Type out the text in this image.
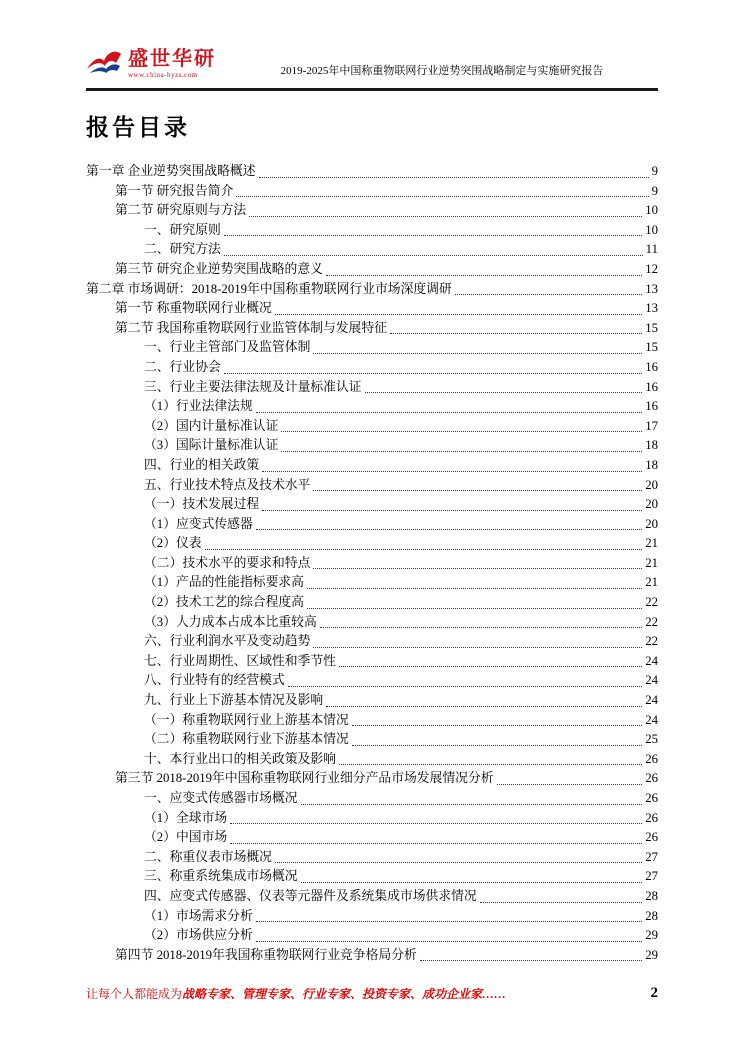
盛世华研
www.china-hyzs.com	2019-2025年中国称重物联网行业逆势突围战略制定与实施研究报告
报告目录
第一章 企业逆势突围战略概述	9
第一节 研究报告简介	9
第二节 研究原则与方法	10
一、研究原则	10
二、研究方法	11
第三节 研究企业逆势突围战略的意义	12
第二章 市场调研：2018-2019年中国称重物联网行业市场深度调研	13
第一节 称重物联网行业概况	13
第二节 我国称重物联网行业监管体制与发展特征	15
一、行业主管部门及监管体制	15
二、行业协会	16
三、行业主要法律法规及计量标准认证	16
（1）行业法律法规	16
（2）国内计量标准认证	17
（3）国际计量标准认证	18
四、行业的相关政策	18
五、行业技术特点及技术水平	20
（一）技术发展过程	20
（1）应变式传感器	20
（2）仪表	21
（二）技术水平的要求和特点	21
（1）产品的性能指标要求高	21
（2）技术工艺的综合程度高	22
（3）人力成本占成本比重较高	22
六、行业利润水平及变动趋势	22
七、行业周期性、区域性和季节性	24
八、行业特有的经营模式	24
九、行业上下游基本情况及影响	24
（一）称重物联网行业上游基本情况	24
（二）称重物联网行业下游基本情况	25
十、本行业出口的相关政策及影响	26
第三节 2018-2019年中国称重物联网行业细分产品市场发展情况分析	26
一、应变式传感器市场概况	26
（1）全球市场	26
（2）中国市场	26
二、称重仪表市场概况	27
三、称重系统集成市场概况	27
四、应变式传感器、仪表等元器件及系统集成市场供求情况	28
（1）市场需求分析	28
（2）市场供应分析	29
第四节 2018-2019年我国称重物联网行业竞争格局分析	29
让每个人都能成为战略专家、管理专家、行业专家、投资专家、成功企业家……	2
